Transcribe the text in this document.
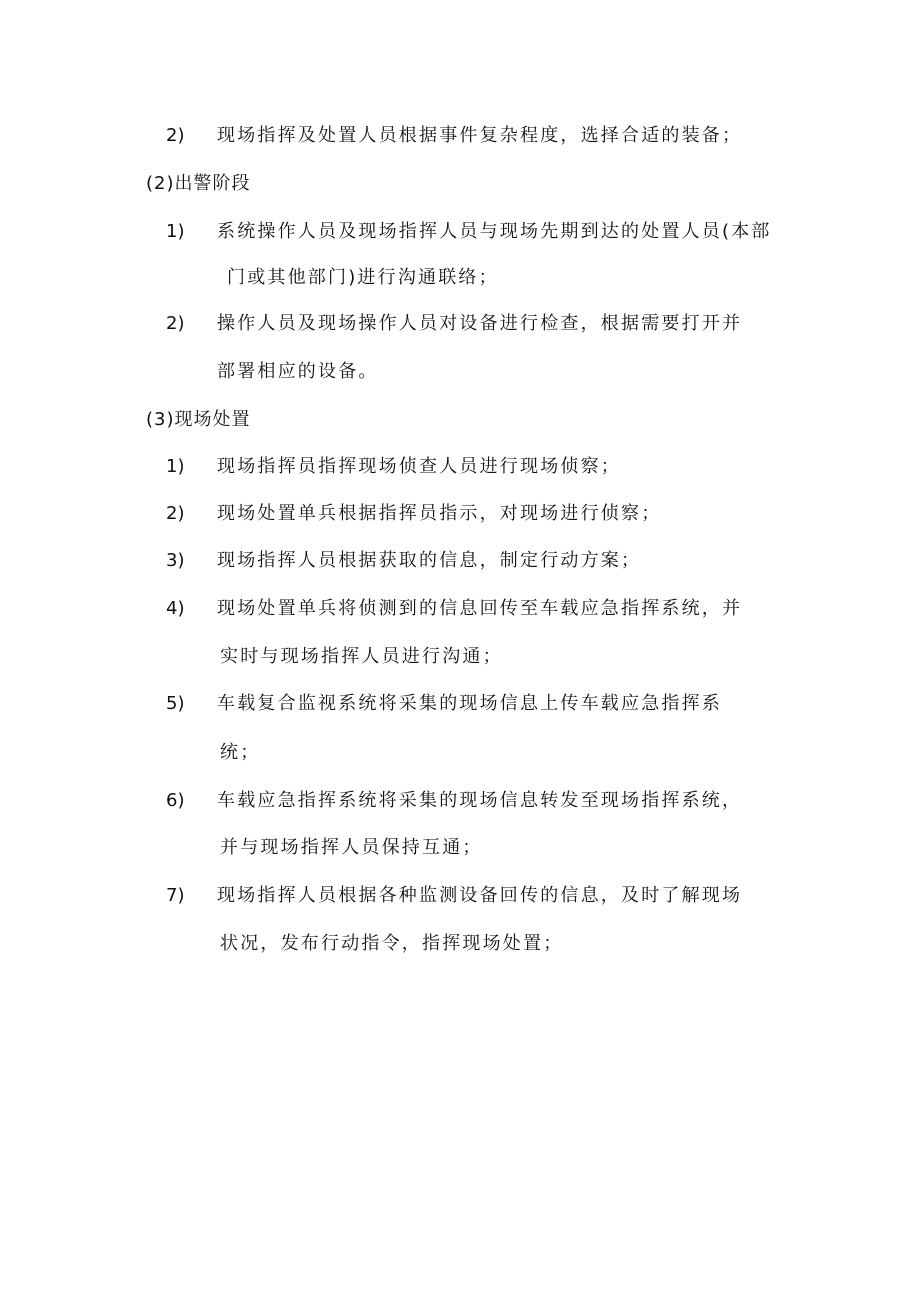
2) 现场指挥及处置人员根据事件复杂程度，选择合适的装备；
(2)出警阶段
1) 系统操作人员及现场指挥人员与现场先期到达的处置人员(本部
门或其他部门)进行沟通联络；
2) 操作人员及现场操作人员对设备进行检查，根据需要打开并
部署相应的设备。
(3)现场处置
1) 现场指挥员指挥现场侦查人员进行现场侦察；
2) 现场处置单兵根据指挥员指示，对现场进行侦察；
3) 现场指挥人员根据获取的信息，制定行动方案；
4) 现场处置单兵将侦测到的信息回传至车载应急指挥系统，并
实时与现场指挥人员进行沟通；
5) 车载复合监视系统将采集的现场信息上传车载应急指挥系
统；
6) 车载应急指挥系统将采集的现场信息转发至现场指挥系统，
并与现场指挥人员保持互通；
7) 现场指挥人员根据各种监测设备回传的信息，及时了解现场
状况，发布行动指令，指挥现场处置；
